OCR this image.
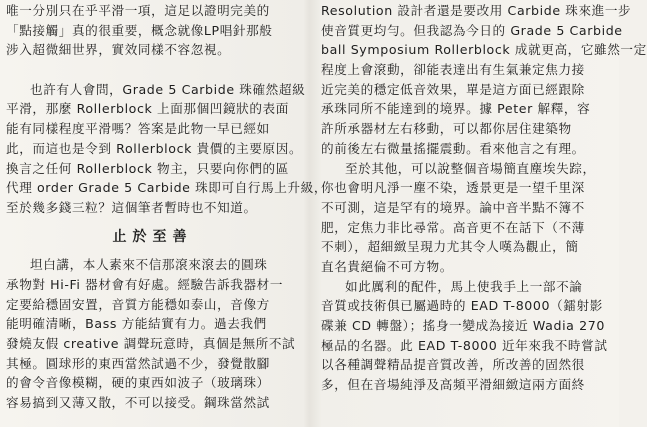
唯一分別只在乎平滑一項，這足以證明完美的
「點接觸」真的很重要，概念就像LP唱針那般
涉入超微細世界，實效同樣不容忽視。
也許有人會問，Grade 5 Carbide 珠確然超級
平滑，那麼 Rollerblock 上面那個凹鏡狀的表面
能有同樣程度平滑嗎？答案是此物一早已經如
此，而這也是令到 Rollerblock 貴價的主要原因。
換言之任何 Rollerblock 物主，只要向你們的區
代理 order Grade 5 Carbide 珠即可自行馬上升級，
至於幾多錢三粒？這個筆者暫時也不知道。
止於至善
坦白講，本人素來不信那滾來滾去的圓珠
承物對 Hi-Fi 器材會有好處。經驗告訴我器材一
定要給穩固安置，音質方能穩如泰山，音像方
能明確清晰，Bass 方能結實有力。過去我們
發燒友假 creative 調聲玩意時，真個是無所不試
其極。圓球形的東西當然試過不少，發覺散腳
的會令音像模糊，硬的東西如波子（玻璃珠）
容易搞到又薄又散，不可以接受。鋼珠當然試
Resolution 設計者還是要改用 Carbide 珠來進一步
使音質更均勻。但我認為今日的 Grade 5 Carbide
ball Symposium Rollerblock 成就更高，它雖然一定
程度上會滾動，卻能表達出有生氣兼定焦力接
近完美的穩定低音效果，單是這方面已經跟除
承珠同所不能達到的境界。據 Peter 解釋，容
許所承器材左右移動，可以都你居住建築物
的前後左右微量搖擺震動。看來他言之有理。
至於其他，可以說整個音場簡直塵埃失踪，
你也會明凡淨一塵不染，透景更是一望千里深
不可測，這是罕有的境界。論中音半點不簿不
肥，定焦力非比尋常。高音更不在話下（不薄
不刺），超細緻呈現力尤其令人嘆為觀止，簡
直名貴絕倫不可方物。
如此厲利的配件，馬上使我手上一部不論
音質或技術俱已屬過時的 EAD T-8000（鐳射影
碟兼 CD 轉盤）；搖身一變成為接近 Wadia 270
極品的名器。此 EAD T-8000 近年來我不時嘗試
以各種調聲精品提音質改善，所改善的固然很
多，但在音場純淨及高頻平滑細緻這兩方面終
